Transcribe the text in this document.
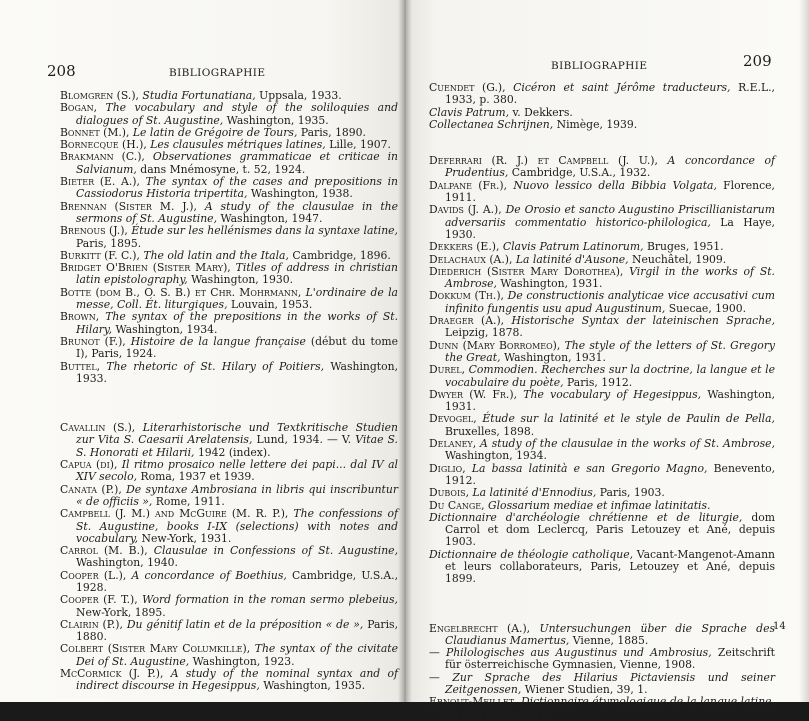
208	BIBLIOGRAPHIE

Blomgren (S.), Studia Fortunatiana, Uppsala, 1933.

Bogan, The vocabulary and style of the soliloquies and dialogues of St. Augustine, Washington, 1935.

Bonnet (M.), Le latin de Grégoire de Tours, Paris, 1890.

Bornecque (H.), Les clausules métriques latines, Lille, 1907.

Brakmann (C.), Observationes grammaticae et criticae in Salvianum, dans Mnémosyne, t. 52, 1924.

Bieter (E. A.), The syntax of the cases and prepositions in Cassiodorus Historia tripertita, Washington, 1938.

Brennan (Sister M. J.), A study of the clausulae in the sermons of St. Augustine, Washington, 1947.

Brenous (J.), Étude sur les hellénismes dans la syntaxe latine, Paris, 1895.

Burkitt (F. C.), The old latin and the Itala, Cambridge, 1896.

Bridget O'Brien (Sister Mary), Titles of address in christian latin epistolography, Washington, 1930.

Botte (dom B., O. S. B.) et Chr. Mohrmann, L'ordinaire de la messe, Coll. Ét. liturgiques, Louvain, 1953.

Brown, The syntax of the prepositions in the works of St. Hilary, Washington, 1934.

Brunot (F.), Histoire de la langue française (début du tome I), Paris, 1924.

Buttel, The rhetoric of St. Hilary of Poitiers, Washington, 1933.

Cavallin (S.), Literarhistorische und Textkritische Studien zur Vita S. Caesarii Arelatensis, Lund, 1934. — V. Vitae S. S. Honorati et Hilarii, 1942 (index).

Capua (di), Il ritmo prosaico nelle lettere dei papi... dal IV al XIV secolo, Roma, 1937 et 1939.

Canata (P.), De syntaxe Ambrosiana in libris qui inscribuntur « de officiis », Rome, 1911.

Campbell (J. M.) and McGuire (M. R. P.), The confessions of St. Augustine, books I-IX (selections) with notes and vocabulary, New-York, 1931.

Carrol (M. B.), Clausulae in Confessions of St. Augustine, Washington, 1940.

Cooper (L.), A concordance of Boethius, Cambridge, U.S.A., 1928.

Cooper (F. T.), Word formation in the roman sermo plebeius, New-York, 1895.

Clairin (P.), Du génitif latin et de la préposition « de », Paris, 1880.

Colbert (Sister Mary Columkille), The syntax of the civitate Dei of St. Augustine, Washington, 1923.

McCormick (J. P.), A study of the nominal syntax and of indirect discourse in Hegesippus, Washington, 1935.

209
BIBLIOGRAPHIE

Cuendet (G.), Cicéron et saint Jérôme traducteurs, R.E.L., 1933, p. 380.

Clavis Patrum, v. Dekkers.

Collectanea Schrijnen, Nimège, 1939.

Deferrari (R. J.) et Campbell (J. U.), A concordance of Prudentius, Cambridge, U.S.A., 1932.

Dalpane (Fr.), Nuovo lessico della Bibbia Volgata, Florence, 1911.

Davids (J. A.), De Orosio et sancto Augustino Priscillianistarum adversariis commentatio historico-philologica, La Haye, 1930.

Dekkers (E.), Clavis Patrum Latinorum, Bruges, 1951.

Delachaux (A.), La latinité d'Ausone, Neuchâtel, 1909.

Diederich (Sister Mary Dorothea), Virgil in the works of St. Ambrose, Washington, 1931.

Dokkum (Th.), De constructionis analyticae vice accusativi cum infinito fungentis usu apud Augustinum, Suecae, 1900.

Draeger (A.), Historische Syntax der lateinischen Sprache, Leipzig, 1878.

Dunn (Mary Borromeo), The style of the letters of St. Gregory the Great, Washington, 1931.

Durel, Commodien. Recherches sur la doctrine, la langue et le vocabulaire du poète, Paris, 1912.

Dwyer (W. Fr.), The vocabulary of Hegesippus, Washington, 1931.

Devogel, Étude sur la latinité et le style de Paulin de Pella, Bruxelles, 1898.

Delaney, A study of the clausulae in the works of St. Ambrose, Washington, 1934.

Diglio, La bassa latinità e san Gregorio Magno, Benevento, 1912.

Dubois, La latinité d'Ennodius, Paris, 1903.

Du Cange, Glossarium mediae et infimae latinitatis.

Dictionnaire d'archéologie chrétienne et de liturgie, dom Carrol et dom Leclercq, Paris Letouzey et Ané, depuis 1903.

Dictionnaire de théologie catholique, Vacant-Mangenot-Amann et leurs collaborateurs, Paris, Letouzey et Ané, depuis 1899.

Engelbrecht (A.), Untersuchungen über die Sprache des Claudianus Mamertus, Vienne, 1885.

— Philologisches aus Augustinus und Ambrosius, Zeitschrift für österreichische Gymnasien, Vienne, 1908.

— Zur Sprache des Hilarius Pictaviensis und seiner Zeitgenossen, Wiener Studien, 39, 1.

Ernout-Meillet, Dictionnaire étymologique de la langue latine, 2e éd., Paris, 1951.

14
